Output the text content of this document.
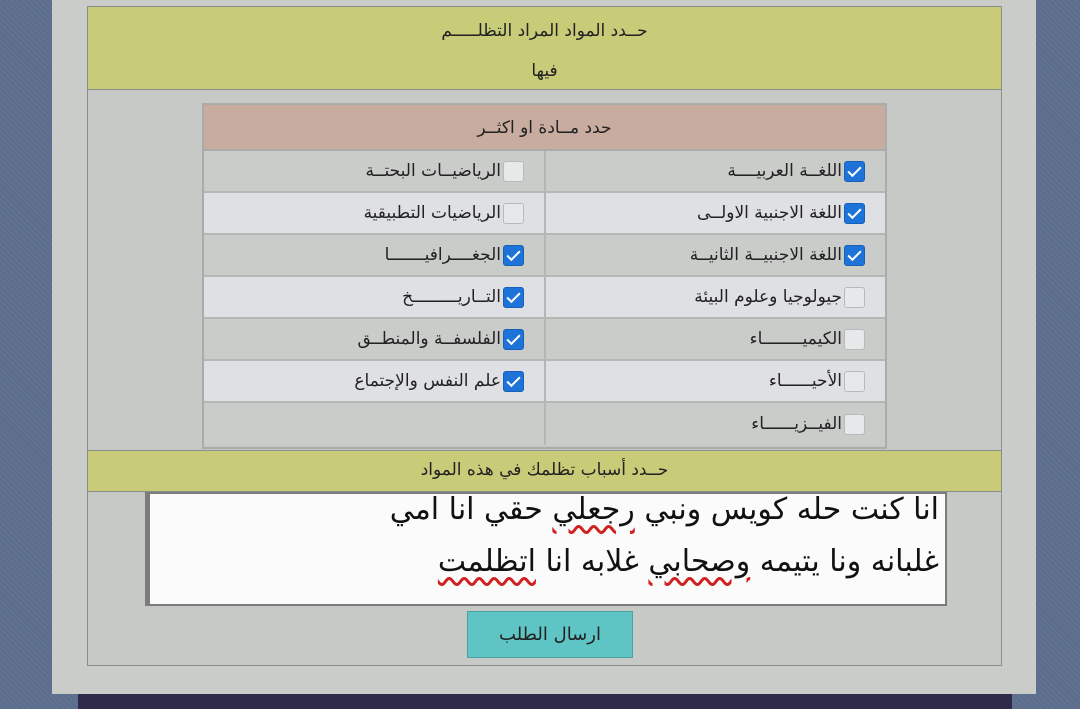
حــدد المواد المراد التظلـــــم
فيها
حدد مــادة او اكثــر
اللغــة العربيــــة
الرياضيــات البحتــة
اللغة الاجنبية الاولــى
الرياضيات التطبيقية
اللغة الاجنبيــة الثانيــة
الجغــــرافيـــــــا
جيولوجيا وعلوم البيئة
التــاريـــــــــخ
الكيميــــــــاء
الفلسفــة والمنطــق
الأحيــــــاء
علم النفس والإجتماع
الفيــزيــــــاء
حــدد أسباب تظلمك في هذه المواد
انا كنت حله كويس ونبي رجعلي حقي انا امي
غلبانه ونا يتيمه وصحابي غلابه انا اتظلمت
ارسال الطلب
